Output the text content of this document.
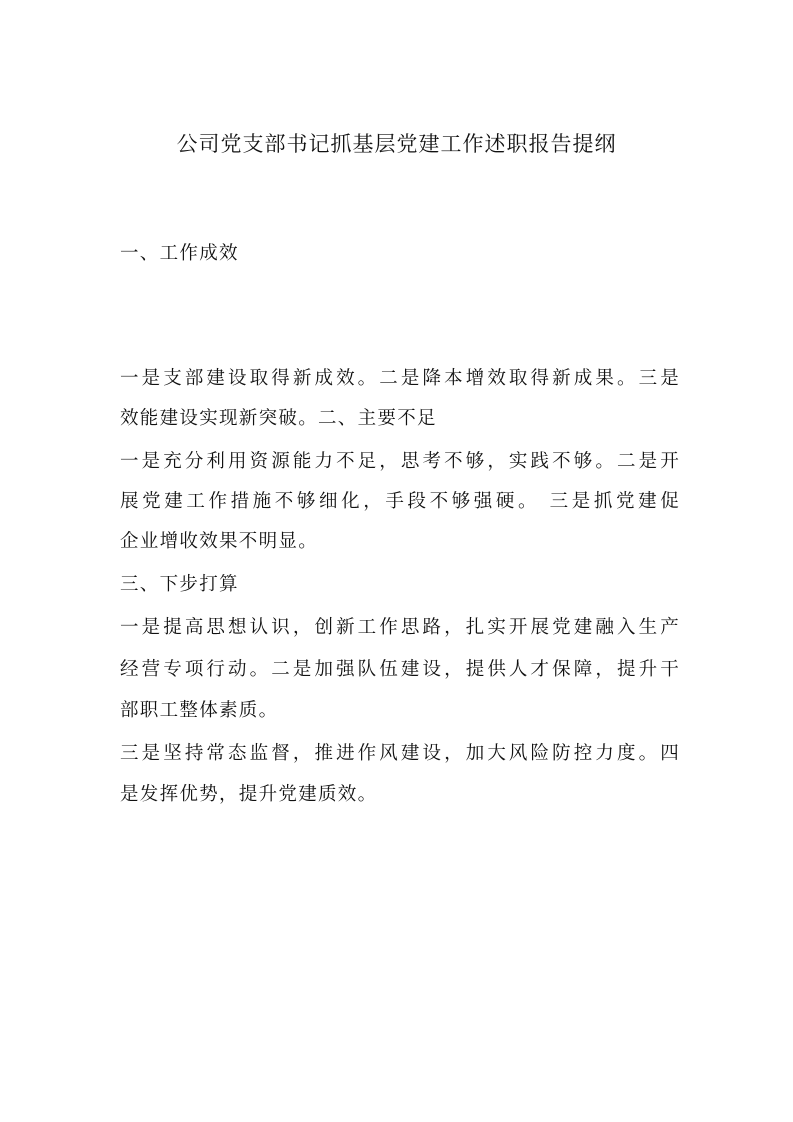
公司党支部书记抓基层党建工作述职报告提纲
一、工作成效
一是支部建设取得新成效。二是降本增效取得新成果。三是
效能建设实现新突破。二、主要不足
一是充分利用资源能力不足，思考不够，实践不够。二是开
展党建工作措施不够细化，手段不够强硬。 三是抓党建促
企业增收效果不明显。
三、下步打算
一是提高思想认识，创新工作思路，扎实开展党建融入生产
经营专项行动。二是加强队伍建设，提供人才保障，提升干
部职工整体素质。
三是坚持常态监督，推进作风建设，加大风险防控力度。四
是发挥优势，提升党建质效。
